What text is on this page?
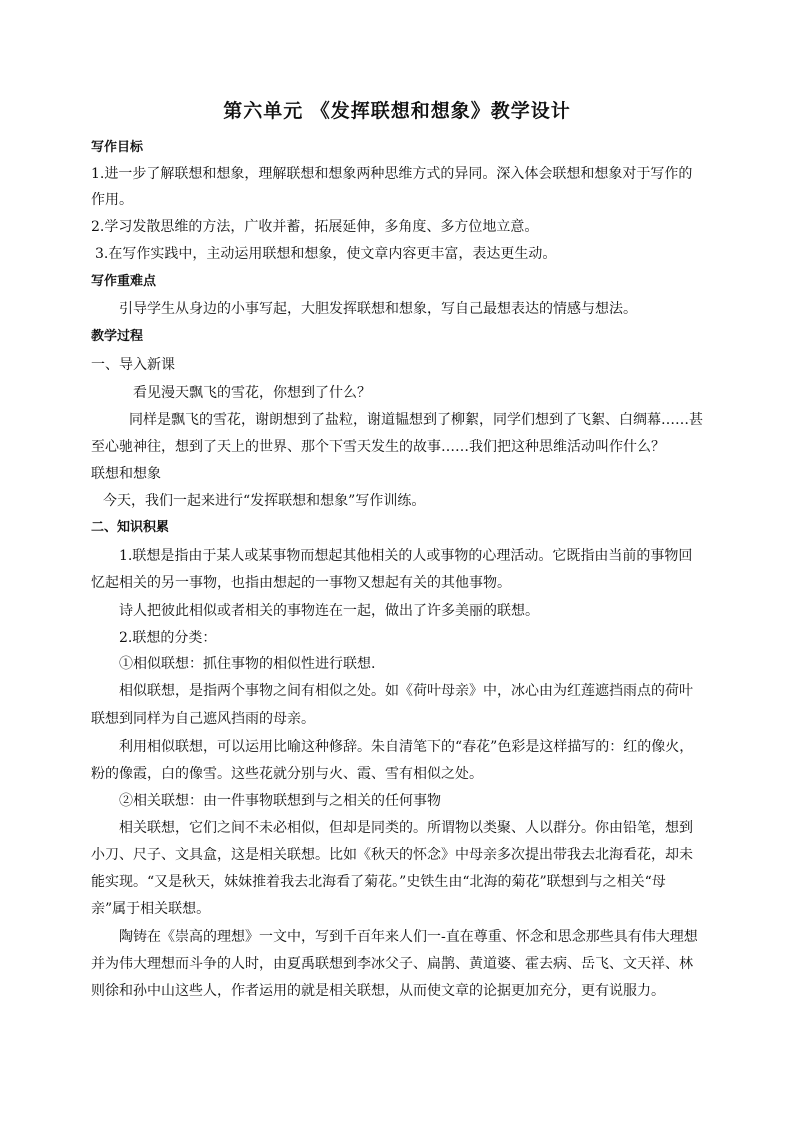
第六单元 《发挥联想和想象》教学设计

写作目标

1.进一步了解联想和想象，理解联想和想象两种思维方式的异同。深入体会联想和想象对于写作的

作用。

2.学习发散思维的方法，广收并蓄，拓展延伸，多角度、多方位地立意。

3.在写作实践中，主动运用联想和想象，使文章内容更丰富，表达更生动。

写作重难点

引导学生从身边的小事写起，大胆发挥联想和想象，写自己最想表达的情感与想法。

教学过程

一、导入新课

看见漫天飘飞的雪花，你想到了什么？

同样是飘飞的雪花，谢朗想到了盐粒，谢道韫想到了柳絮，同学们想到了飞絮、白绸幕……甚

至心驰神往，想到了天上的世界、那个下雪天发生的故事……我们把这种思维活动叫作什么？

联想和想象

今天，我们一起来进行“发挥联想和想象”写作训练。

二、知识积累

1.联想是指由于某人或某事物而想起其他相关的人或事物的心理活动。它既指由当前的事物回

忆起相关的另一事物，也指由想起的一事物又想起有关的其他事物。

诗人把彼此相似或者相关的事物连在一起，做出了许多美丽的联想。

2.联想的分类：

①相似联想：抓住事物的相似性进行联想.

相似联想，是指两个事物之间有相似之处。如《荷叶母亲》中，冰心由为红莲遮挡雨点的荷叶

联想到同样为自己遮风挡雨的母亲。

利用相似联想，可以运用比喻这种修辞。朱自清笔下的“春花”色彩是这样描写的：红的像火，

粉的像霞，白的像雪。这些花就分别与火、霞、雪有相似之处。

②相关联想：由一件事物联想到与之相关的任何事物

相关联想，它们之间不未必相似，但却是同类的。所谓物以类聚、人以群分。你由铅笔，想到

小刀、尺子、文具盒，这是相关联想。比如《秋天的怀念》中母亲多次提出带我去北海看花，却未

能实现。“又是秋天，妹妹推着我去北海看了菊花。”史铁生由“北海的菊花”联想到与之相关“母

亲”属于相关联想。

陶铸在《崇高的理想》一文中，写到千百年来人们一-直在尊重、怀念和思念那些具有伟大理想

并为伟大理想而斗争的人时，由夏禹联想到李冰父子、扁鹊、黄道婆、霍去病、岳飞、文天祥、林

则徐和孙中山这些人，作者运用的就是相关联想，从而使文章的论据更加充分，更有说服力。
